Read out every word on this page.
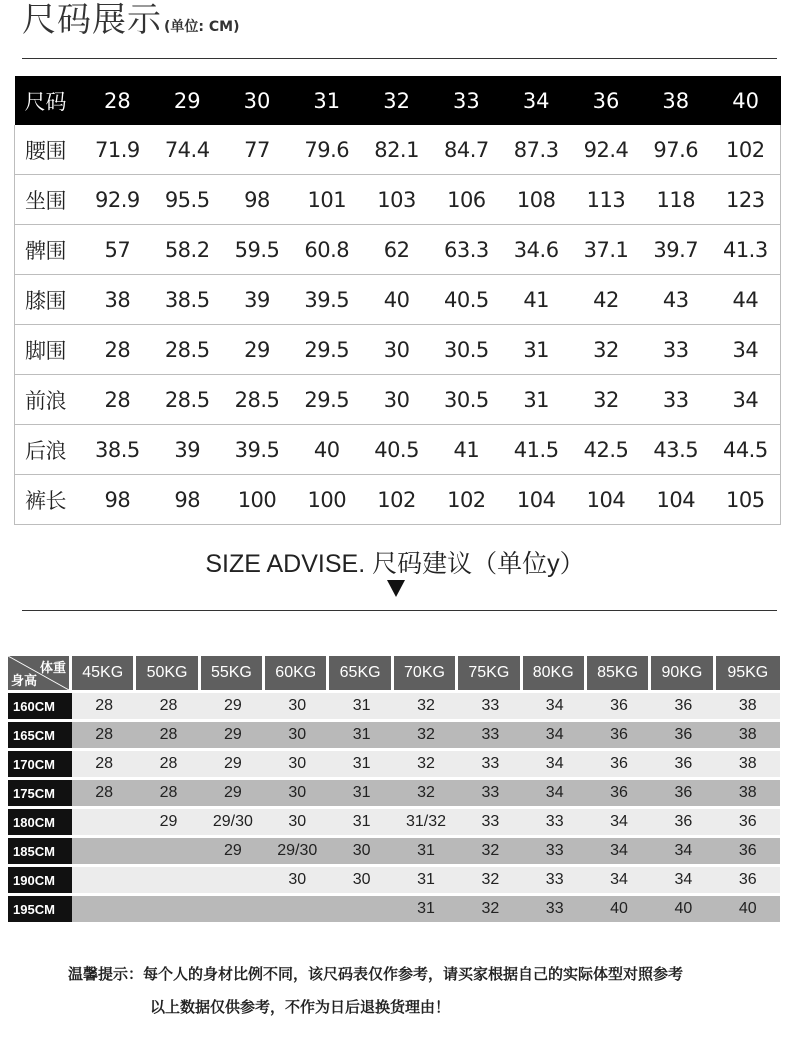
尺码展示 (单位: CM)
尺码	28	29	30	31	32	33	34	36	38	40
腰围	71.9	74.4	77	79.6	82.1	84.7	87.3	92.4	97.6	102
坐围	92.9	95.5	98	101	103	106	108	113	118	123
髀围	57	58.2	59.5	60.8	62	63.3	34.6	37.1	39.7	41.3
膝围	38	38.5	39	39.5	40	40.5	41	42	43	44
脚围	28	28.5	29	29.5	30	30.5	31	32	33	34
前浪	28	28.5	28.5	29.5	30	30.5	31	32	33	34
后浪	38.5	39	39.5	40	40.5	41	41.5	42.5	43.5	44.5
裤长	98	98	100	100	102	102	104	104	104	105
SIZE ADVISE. 尺码建议（单位y）
体重
身高	45KG	50KG	55KG	60KG	65KG	70KG	75KG	80KG	85KG	90KG	95KG
160CM	28	28	29	30	31	32	33	34	36	36	38
165CM	28	28	29	30	31	32	33	34	36	36	38
170CM	28	28	29	30	31	32	33	34	36	36	38
175CM	28	28	29	30	31	32	33	34	36	36	38
180CM		29	29/30	30	31	31/32	33	33	34	36	36
185CM			29	29/30	30	31	32	33	34	34	36
190CM				30	30	31	32	33	34	34	36
195CM						31	32	33	40	40	40
温馨提示：每个人的身材比例不同，该尺码表仅作参考，请买家根据自己的实际体型对照参考
以上数据仅供参考，不作为日后退换货理由！
